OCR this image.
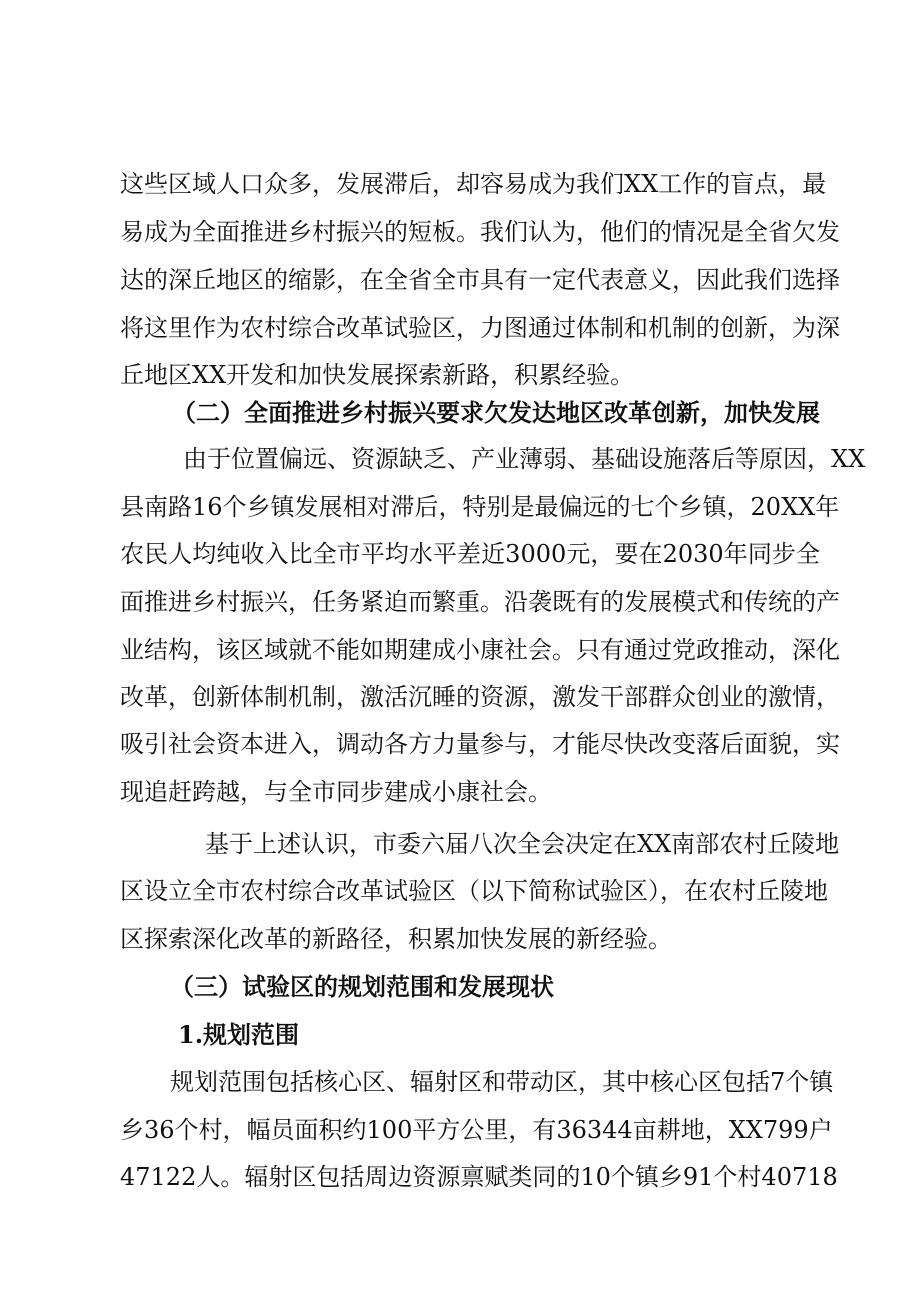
这些区域人口众多，发展滞后，却容易成为我们XX工作的盲点，最
易成为全面推进乡村振兴的短板。我们认为，他们的情况是全省欠发
达的深丘地区的缩影，在全省全市具有一定代表意义，因此我们选择
将这里作为农村综合改革试验区，力图通过体制和机制的创新，为深
丘地区XX开发和加快发展探索新路，积累经验。
（二）全面推进乡村振兴要求欠发达地区改革创新，加快发展
由于位置偏远、资源缺乏、产业薄弱、基础设施落后等原因，XX
县南路16个乡镇发展相对滞后，特别是最偏远的七个乡镇，20XX年
农民人均纯收入比全市平均水平差近3000元，要在2030年同步全
面推进乡村振兴，任务紧迫而繁重。沿袭既有的发展模式和传统的产
业结构，该区域就不能如期建成小康社会。只有通过党政推动，深化
改革，创新体制机制，激活沉睡的资源，激发干部群众创业的激情，
吸引社会资本进入，调动各方力量参与，才能尽快改变落后面貌，实
现追赶跨越，与全市同步建成小康社会。
基于上述认识，市委六届八次全会决定在XX南部农村丘陵地
区设立全市农村综合改革试验区（以下简称试验区），在农村丘陵地
区探索深化改革的新路径，积累加快发展的新经验。
（三）试验区的规划范围和发展现状
1.规划范围
规划范围包括核心区、辐射区和带动区，其中核心区包括7个镇
乡36个村，幅员面积约100平方公里，有36344亩耕地，XX799户
47122人。辐射区包括周边资源禀赋类同的10个镇乡91个村40718
